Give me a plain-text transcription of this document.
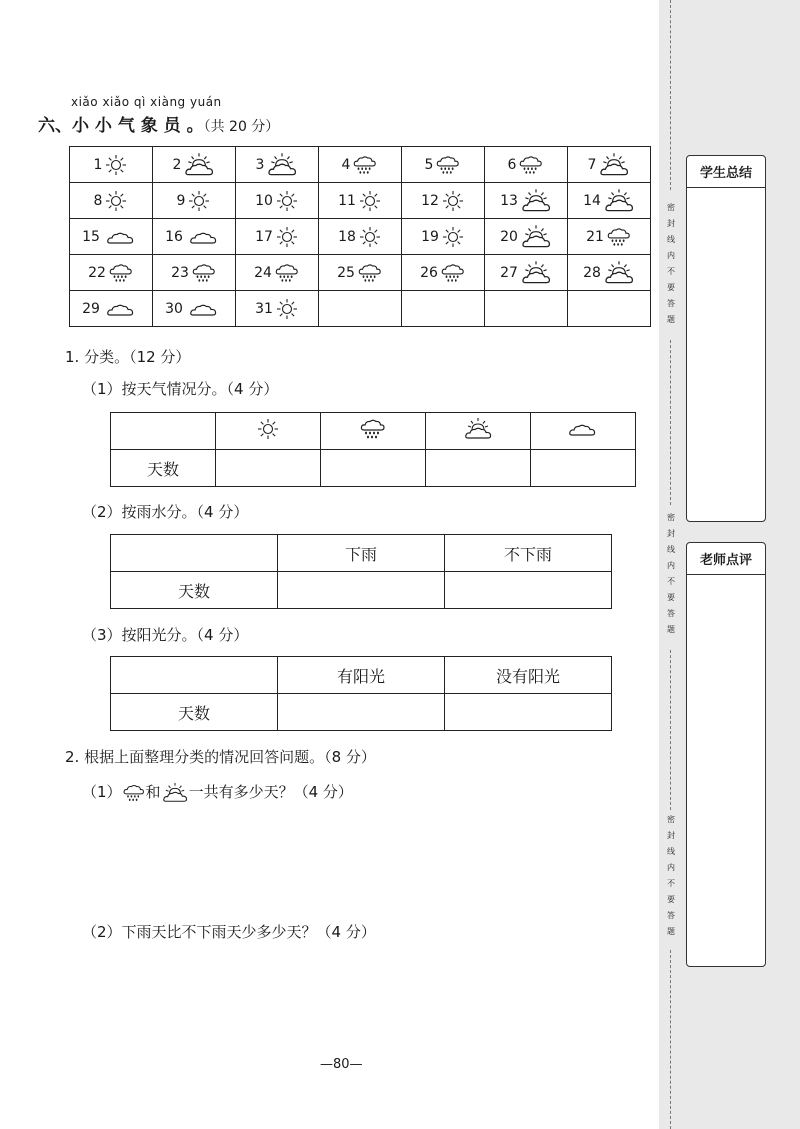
xiǎo xiǎo qì xiàng yuán
六、小 小 气 象 员 。（共 20 分）
1	2	3	4	5	6	7
8	9	10	11	12	13	14
15	16	17	18	19	20	21
22	23	24	25	26	27	28
29	30	31				
1. 分类。（12 分）
（1）按天气情况分。（4 分）

天数				
（2）按雨水分。（4 分）
	下雨	不下雨
天数		
（3）按阳光分。（4 分）
	有阳光	没有阳光
天数		
2. 根据上面整理分类的情况回答问题。（8 分）
（1） 和 一共有多少天？（4 分）
（2）下雨天比不下雨天少多少天？（4 分）
—80—
密
封
线
内
不
要
答
题
密
封
线
内
不
要
答
题
密
封
线
内
不
要
答
题
学生总结
老师点评
